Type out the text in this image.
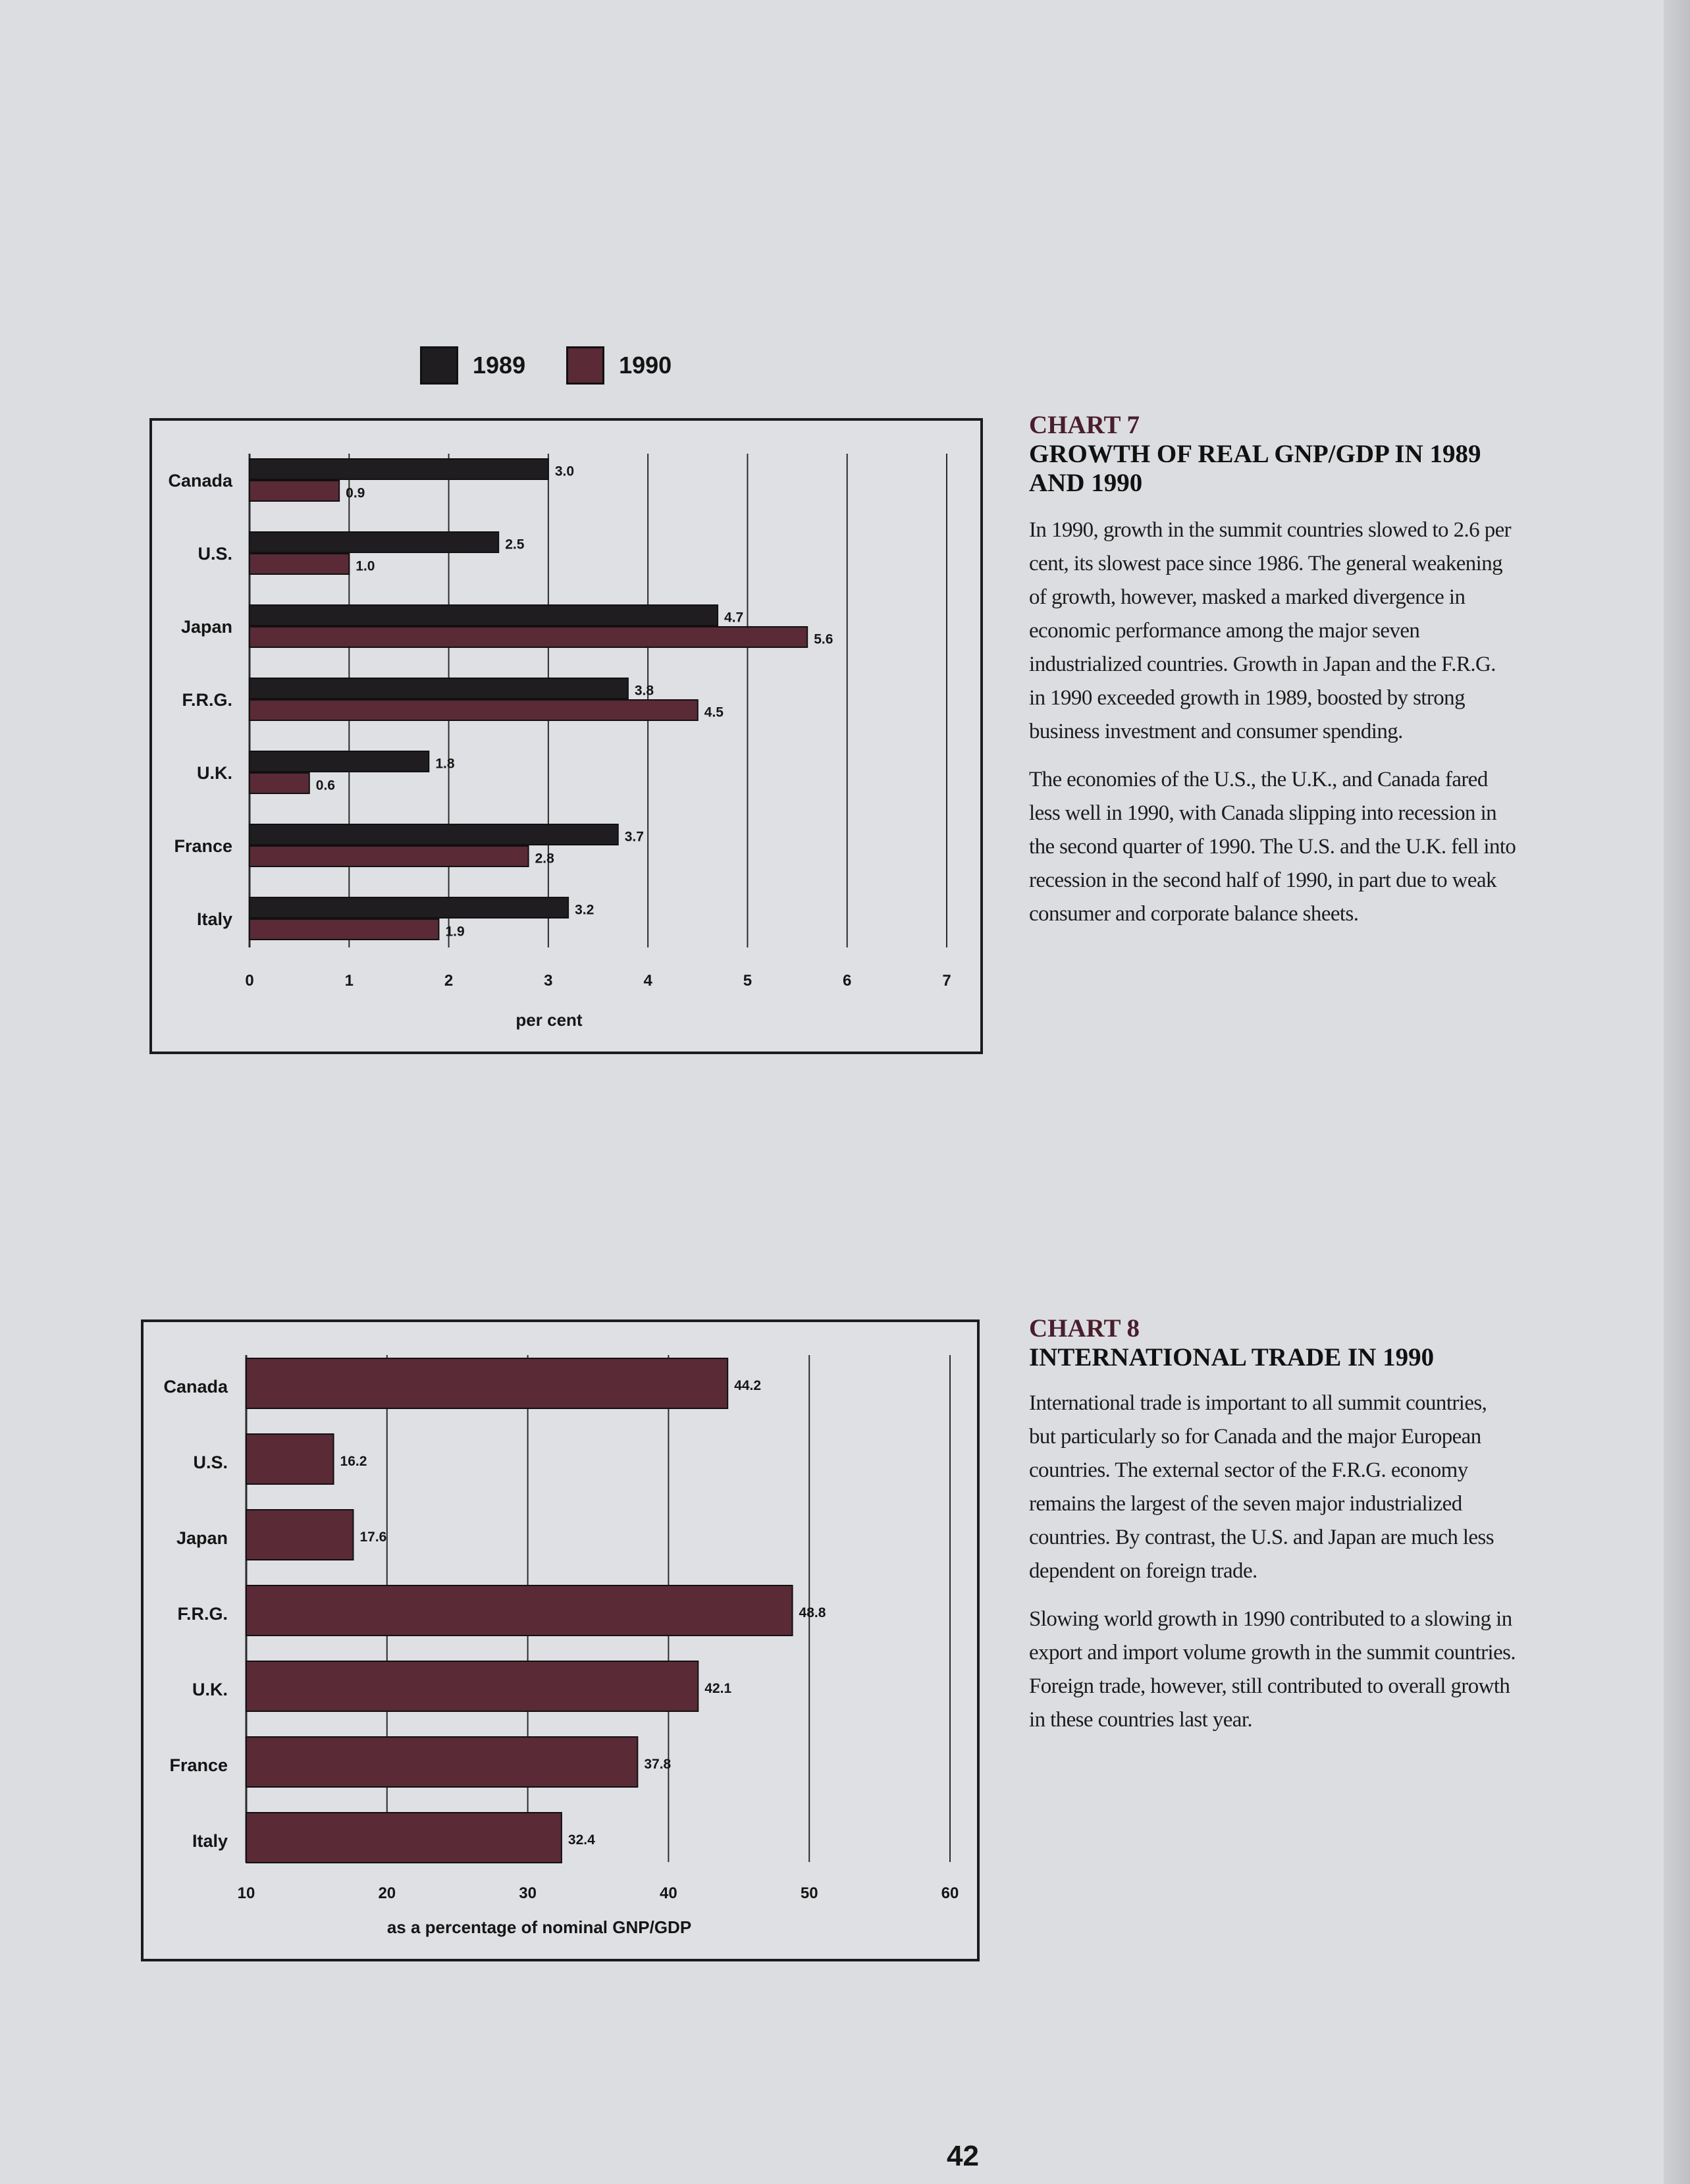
1989	1990
0	1	2	3	4	5	6	7
Canada	3.0
0.9
U.S.	2.5
1.0
Japan	4.7
5.6
F.R.G.	3.8
4.5
U.K.	1.8
0.6
France	3.7
2.8
Italy	3.2
1.9
per cent
CHART 7
GROWTH OF REAL GNP/GDP IN 1989 AND 1990

In 1990, growth in the summit countries slowed to 2.6 per cent, its slowest pace since 1986. The general weakening of growth, however, masked a marked divergence in economic performance among the major seven industrialized countries. Growth in Japan and the F.R.G. in 1990 exceeded growth in 1989, boosted by strong business investment and consumer spending.

The economies of the U.S., the U.K., and Canada fared less well in 1990, with Canada slipping into recession in the second quarter of 1990. The U.S. and the U.K. fell into recession in the second half of 1990, in part due to weak consumer and corporate balance sheets.

10	20	30	40	50	60
Canada	44.2
U.S.	16.2
Japan	17.6
F.R.G.	48.8
U.K.	42.1
France	37.8
Italy	32.4
as a percentage of nominal GNP/GDP
CHART 8
INTERNATIONAL TRADE IN 1990

International trade is important to all summit countries, but particularly so for Canada and the major European countries. The external sector of the F.R.G. economy remains the largest of the seven major industrialized countries. By contrast, the U.S. and Japan are much less dependent on foreign trade.

Slowing world growth in 1990 contributed to a slowing in export and import volume growth in the summit countries. Foreign trade, however, still contributed to overall growth in these countries last year.

42
